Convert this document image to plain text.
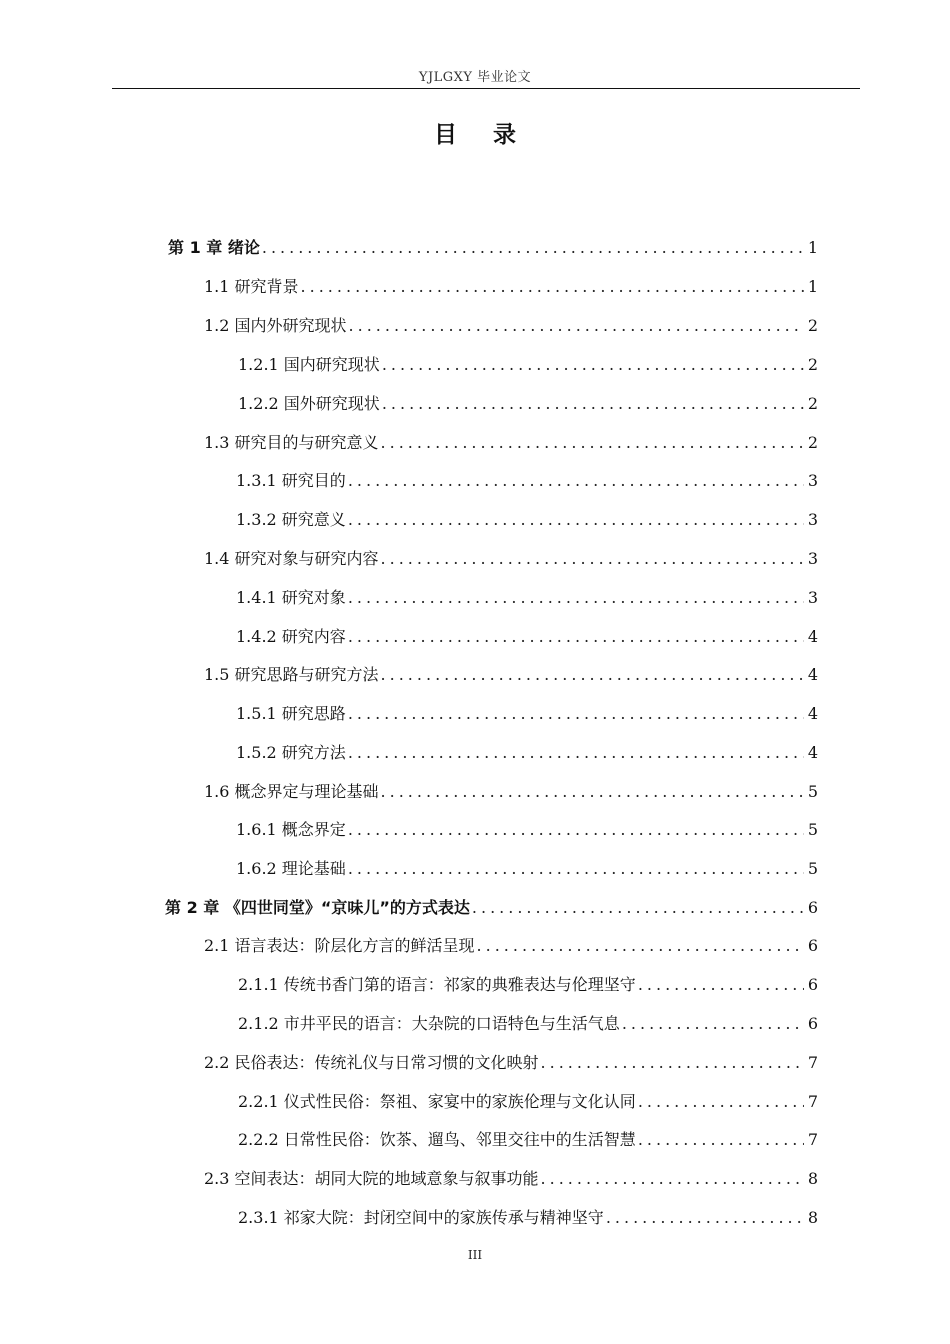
YJLGXY 毕业论文
目 录
第 1 章 绪论 .....	1
1.1 研究背景 .....	1
1.2 国内外研究现状 .....	2
1.2.1 国内研究现状 .....	2
1.2.2 国外研究现状 .....	2
1.3 研究目的与研究意义 .....	2
1.3.1 研究目的 .....	3
1.3.2 研究意义 .....	3
1.4 研究对象与研究内容 .....	3
1.4.1 研究对象 .....	3
1.4.2 研究内容 .....	4
1.5 研究思路与研究方法 .....	4
1.5.1 研究思路 .....	4
1.5.2 研究方法 .....	4
1.6 概念界定与理论基础 .....	5
1.6.1 概念界定 .....	5
1.6.2 理论基础 .....	5
第 2 章 《四世同堂》“京味儿”的方式表达 .....	6
2.1 语言表达：阶层化方言的鲜活呈现 .....	6
2.1.1 传统书香门第的语言：祁家的典雅表达与伦理坚守 .....	6
2.1.2 市井平民的语言：大杂院的口语特色与生活气息 .....	6
2.2 民俗表达：传统礼仪与日常习惯的文化映射 .....	7
2.2.1 仪式性民俗：祭祖、家宴中的家族伦理与文化认同 .....	7
2.2.2 日常性民俗：饮茶、遛鸟、邻里交往中的生活智慧 .....	7
2.3 空间表达：胡同大院的地域意象与叙事功能 .....	8
2.3.1 祁家大院：封闭空间中的家族传承与精神坚守 .....	8
III
